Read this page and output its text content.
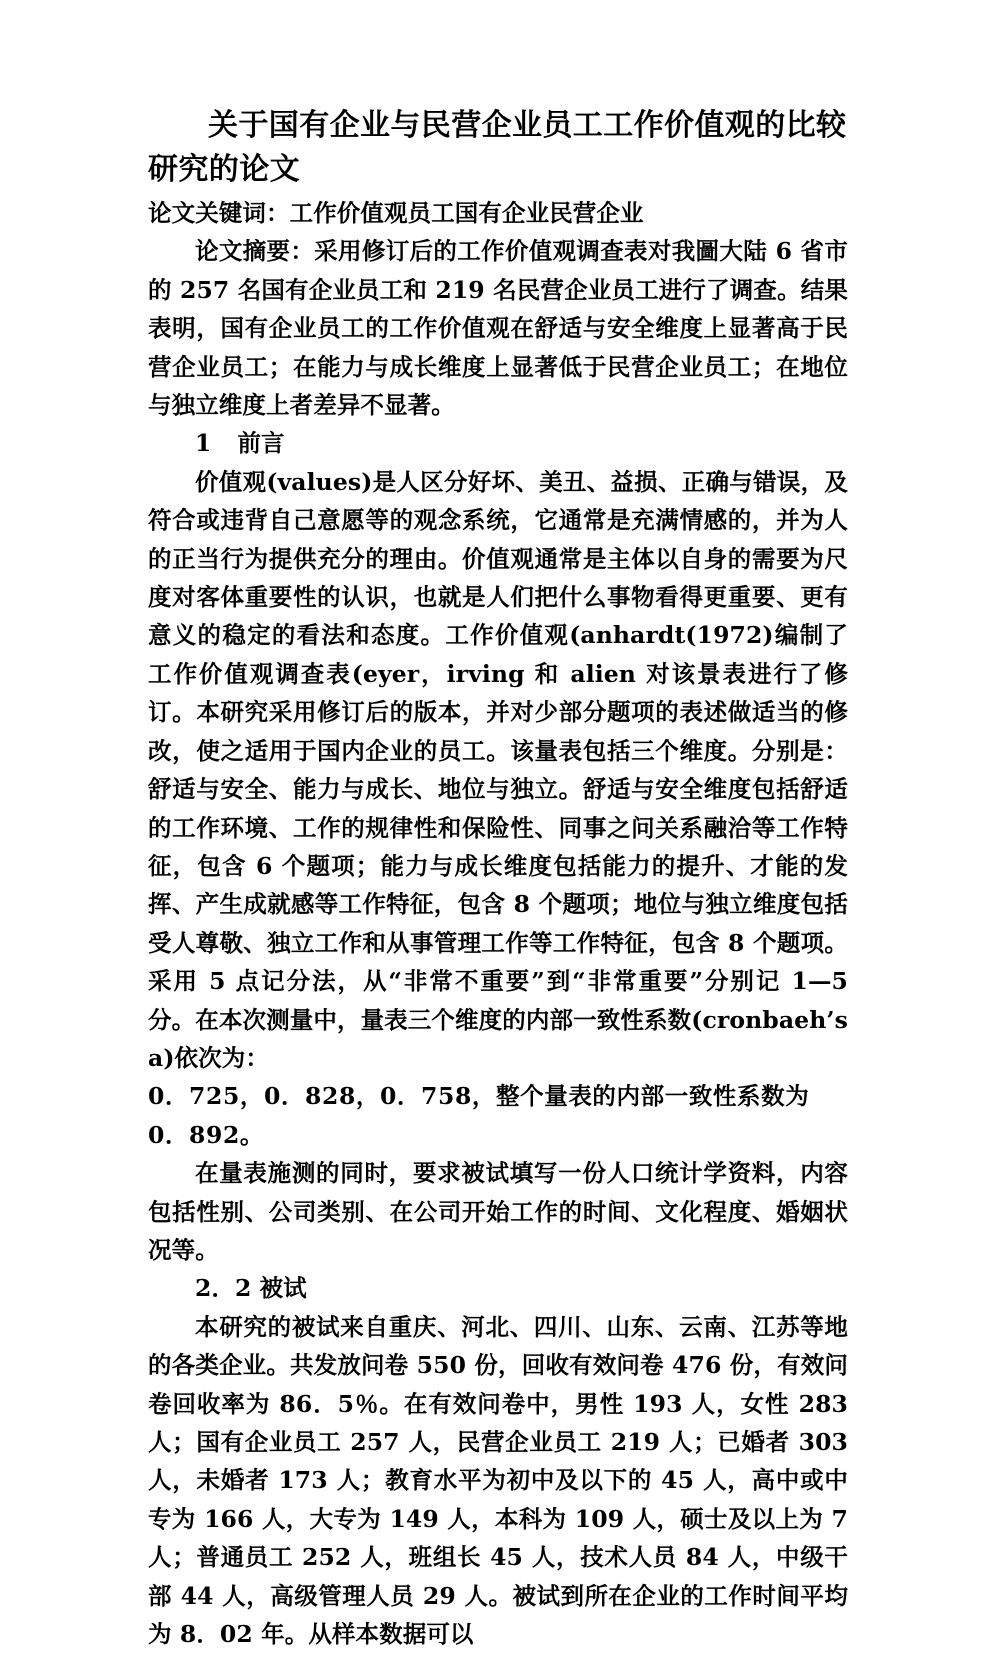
关于国有企业与民营企业员工工作价值观的比较研究的论文

论文关键词：工作价值观员工国有企业民营企业

论文摘要：采用修订后的工作价值观调查表对我圖大陆 6 省市的 257 名国有企业员工和 219 名民营企业员工进行了调查。结果表明，国有企业员工的工作价值观在舒适与安全维度上显著高于民营企业员工；在能力与成长维度上显著低于民营企业员工；在地位与独立维度上者差异不显著。

1 前言

价值观(values)是人区分好坏、美丑、益损、正确与错误，及符合或违背自己意愿等的观念系统，它通常是充满情感的，并为人的正当行为提供充分的理由。价值观通常是主体以自身的需要为尺度对客体重要性的认识，也就是人们把什么事物看得更重要、更有意义的稳定的看法和态度。工作价值观(anhardt(1972)编制了工作价值观调查表(eyer，irving 和 alien 对该景表进行了修订。本研究采用修订后的版本，并对少部分题项的表述做适当的修改，使之适用于国内企业的员工。该量表包括三个维度。分别是：舒适与安全、能力与成长、地位与独立。舒适与安全维度包括舒适的工作环境、工作的规律性和保险性、同事之问关系融洽等工作特征，包含 6 个题项；能力与成长维度包括能力的提升、才能的发挥、产生成就感等工作特征，包含 8 个题项；地位与独立维度包括受人尊敬、独立工作和从事管理工作等工作特征，包含 8 个题项。采用 5 点记分法，从“非常不重要”到“非常重要”分别记 1—5 分。在本次测量中，量表三个维度的内部一致性系数(cronbaeh’sa)依次为：

0．725，0．828，0．758，整个量表的内部一致性系数为 0．892。

在量表施测的同时，要求被试填写一份人口统计学资料，内容包括性别、公司类别、在公司开始工作的时间、文化程度、婚姻状况等。

2．2 被试

本研究的被试来自重庆、河北、四川、山东、云南、江苏等地的各类企业。共发放问卷 550 份，回收有效问卷 476 份，有效问卷回收率为 86．5％。在有效问卷中，男性 193 人，女性 283 人；国有企业员工 257 人，民营企业员工 219 人；已婚者 303 人，未婚者 173 人；教育水平为初中及以下的 45 人，高中或中专为 166 人，大专为 149 人，本科为 109 人，硕士及以上为 7 人；普通员工 252 人，班组长 45 人，技术人员 84 人，中级干部 44 人，高级管理人员 29 人。被试到所在企业的工作时间平均为 8．02 年。从样本数据可以
